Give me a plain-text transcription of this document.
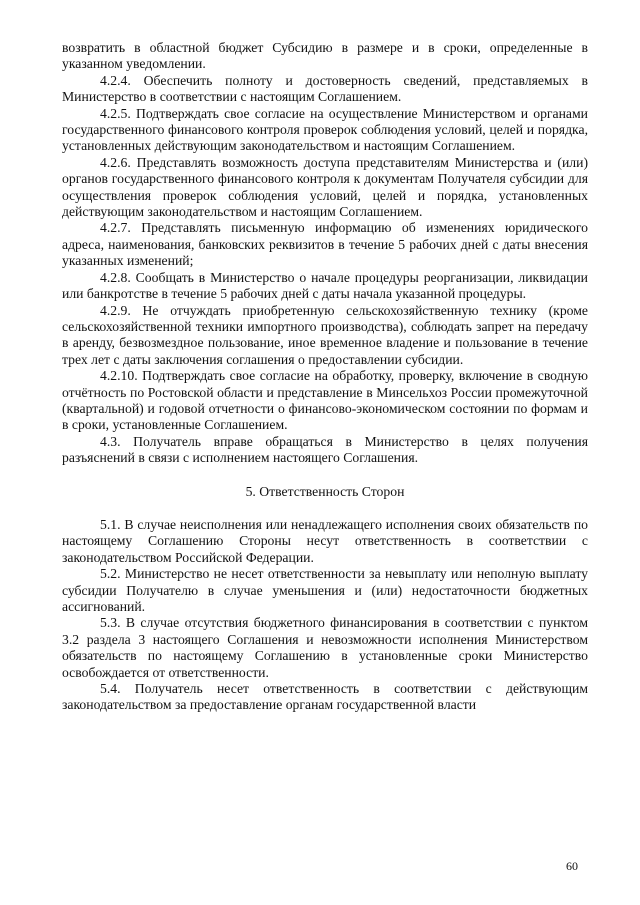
возвратить в областной бюджет Субсидию в размере и в сроки, определенные в указанном уведомлении.

4.2.4. Обеспечить полноту и достоверность сведений, представляемых в Министерство в соответствии с настоящим Соглашением.

4.2.5. Подтверждать свое согласие на осуществление Министерством и органами государственного финансового контроля проверок соблюдения условий, целей и порядка, установленных действующим законодательством и настоящим Соглашением.

4.2.6. Представлять возможность доступа представителям Министерства и (или) органов государственного финансового контроля к документам Получателя субсидии для осуществления проверок соблюдения условий, целей и порядка, установленных действующим законодательством и настоящим Соглашением.

4.2.7. Представлять письменную информацию об изменениях юридического адреса, наименования, банковских реквизитов в течение 5 рабочих дней с даты внесения указанных изменений;

4.2.8. Сообщать в Министерство о начале процедуры реорганизации, ликвидации или банкротстве в течение 5 рабочих дней с даты начала указанной процедуры.

4.2.9. Не отчуждать приобретенную сельскохозяйственную технику (кроме сельскохозяйственной техники импортного производства), соблюдать запрет на передачу в аренду, безвозмездное пользование, иное временное владение и пользование в течение трех лет с даты заключения соглашения о предоставлении субсидии.

4.2.10. Подтверждать свое согласие на обработку, проверку, включение в сводную отчётность по Ростовской области и представление в Минсельхоз России промежуточной (квартальной) и годовой отчетности о финансово-экономическом состоянии по формам и в сроки, установленные Соглашением.

4.3. Получатель вправе обращаться в Министерство в целях получения разъяснений в связи с исполнением настоящего Соглашения.

5. Ответственность Сторон

5.1. В случае неисполнения или ненадлежащего исполнения своих обязательств по настоящему Соглашению Стороны несут ответственность в соответствии с законодательством Российской Федерации.

5.2. Министерство не несет ответственности за невыплату или неполную выплату субсидии Получателю в случае уменьшения и (или) недостаточности бюджетных ассигнований.

5.3. В случае отсутствия бюджетного финансирования в соответствии с пунктом 3.2 раздела 3 настоящего Соглашения и невозможности исполнения Министерством обязательств по настоящему Соглашению в установленные сроки Министерство освобождается от ответственности.

5.4. Получатель несет ответственность в соответствии с действующим законодательством за предоставление органам государственной власти

60
